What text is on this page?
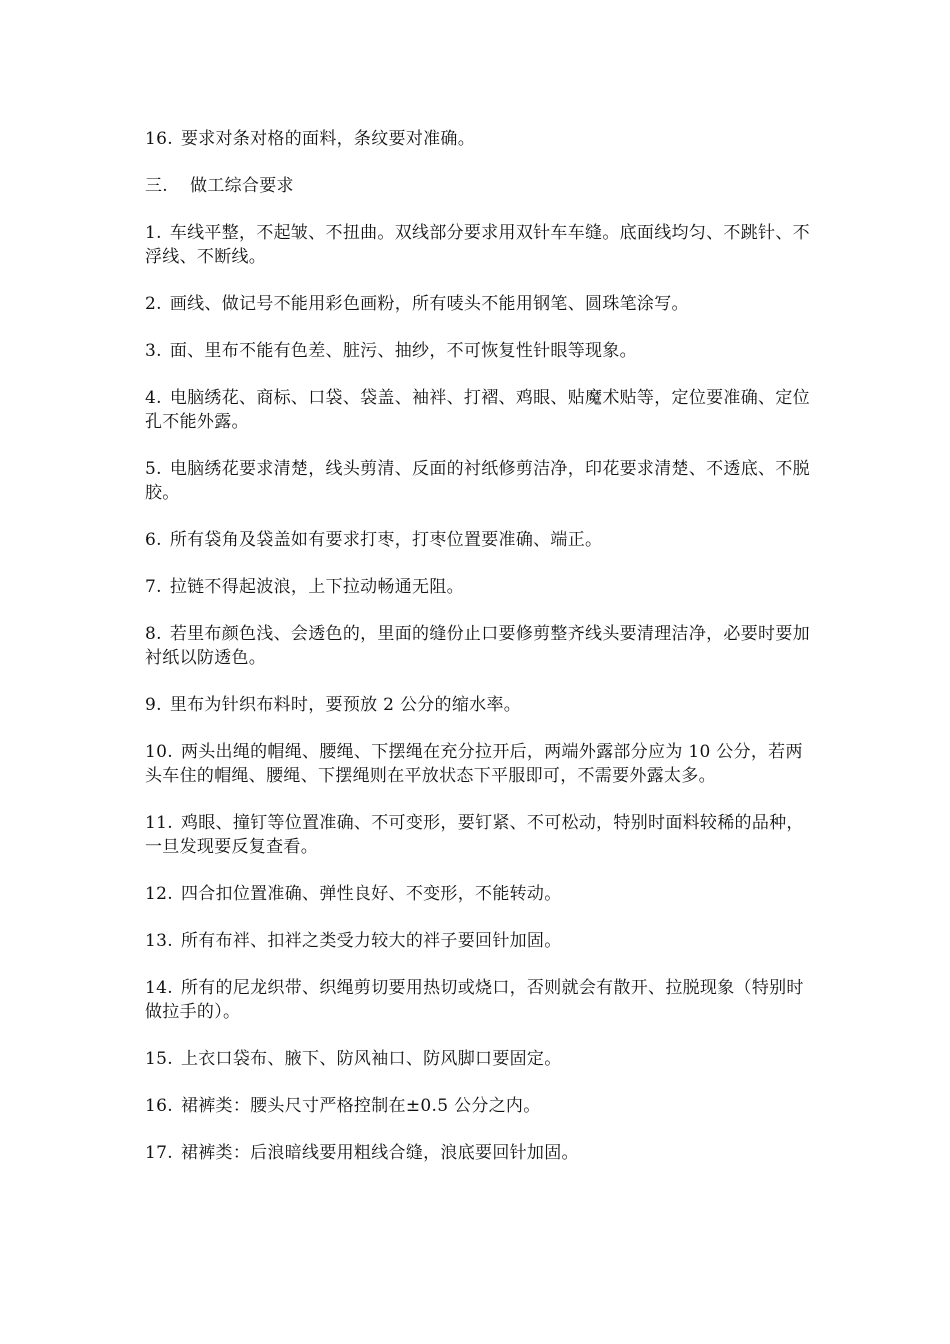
16. 要求对条对格的面料，条纹要对准确。

三. 做工综合要求

1. 车线平整，不起皱、不扭曲。双线部分要求用双针车车缝。底面线均匀、不跳针、不浮线、不断线。

2. 画线、做记号不能用彩色画粉，所有唛头不能用钢笔、圆珠笔涂写。

3. 面、里布不能有色差、脏污、抽纱，不可恢复性针眼等现象。

4. 电脑绣花、商标、口袋、袋盖、袖袢、打褶、鸡眼、贴魔术贴等，定位要准确、定位孔不能外露。

5. 电脑绣花要求清楚，线头剪清、反面的衬纸修剪洁净，印花要求清楚、不透底、不脱胶。

6. 所有袋角及袋盖如有要求打枣，打枣位置要准确、端正。

7. 拉链不得起波浪，上下拉动畅通无阻。

8. 若里布颜色浅、会透色的，里面的缝份止口要修剪整齐线头要清理洁净，必要时要加衬纸以防透色。

9. 里布为针织布料时，要预放 2 公分的缩水率。

10. 两头出绳的帽绳、腰绳、下摆绳在充分拉开后，两端外露部分应为 10 公分，若两头车住的帽绳、腰绳、下摆绳则在平放状态下平服即可，不需要外露太多。

11. 鸡眼、撞钉等位置准确、不可变形，要钉紧、不可松动，特别时面料较稀的品种，一旦发现要反复查看。

12. 四合扣位置准确、弹性良好、不变形，不能转动。

13. 所有布袢、扣袢之类受力较大的袢子要回针加固。

14. 所有的尼龙织带、织绳剪切要用热切或烧口，否则就会有散开、拉脱现象（特别时做拉手的）。

15. 上衣口袋布、腋下、防风袖口、防风脚口要固定。

16. 裙裤类：腰头尺寸严格控制在±0.5 公分之内。

17. 裙裤类：后浪暗线要用粗线合缝，浪底要回针加固。
